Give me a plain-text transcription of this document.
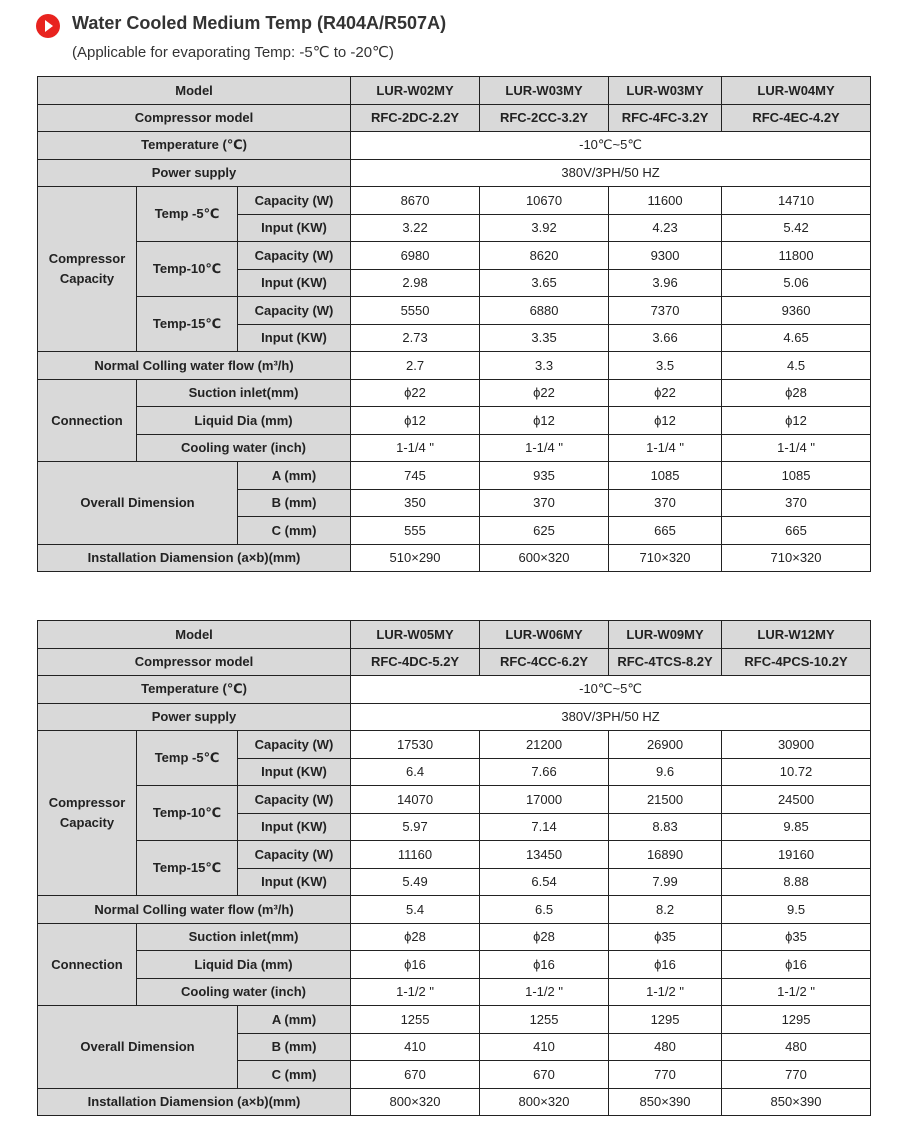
Water Cooled Medium Temp (R404A/R507A)
(Applicable for evaporating Temp: -5℃ to -20℃)
Model			LUR-W02MY	LUR-W03MY	LUR-W03MY	LUR-W04MY
Compressor model			RFC-2DC-2.2Y	RFC-2CC-3.2Y	RFC-4FC-3.2Y	RFC-4EC-4.2Y
Temperature (℃)			-10℃~5℃			
Power supply			380V/3PH/50 HZ			
Compressor Capacity	Temp -5℃	Capacity (W)	8670	10670	11600	14710
		Input (KW)	3.22	3.92	4.23	5.42
	Temp-10℃	Capacity (W)	6980	8620	9300	11800
		Input (KW)	2.98	3.65	3.96	5.06
	Temp-15℃	Capacity (W)	5550	6880	7370	9360
		Input (KW)	2.73	3.35	3.66	4.65
Normal Colling water flow (m³/h)			2.7	3.3	3.5	4.5
Connection	Suction inlet(mm)		ϕ22	ϕ22	ϕ22	ϕ28
	Liquid Dia (mm)		ϕ12	ϕ12	ϕ12	ϕ12
	Cooling water (inch)		1-1/4 "	1-1/4 "	1-1/4 "	1-1/4 "
Overall Dimension		A (mm)	745	935	1085	1085
		B (mm)	350	370	370	370
		C (mm)	555	625	665	665
Installation Diamension (a×b)(mm)			510×290	600×320	710×320	710×320
Model			LUR-W05MY	LUR-W06MY	LUR-W09MY	LUR-W12MY
Compressor model			RFC-4DC-5.2Y	RFC-4CC-6.2Y	RFC-4TCS-8.2Y	RFC-4PCS-10.2Y
Temperature (℃)			-10℃~5℃			
Power supply			380V/3PH/50 HZ			
Compressor Capacity	Temp -5℃	Capacity (W)	17530	21200	26900	30900
		Input (KW)	6.4	7.66	9.6	10.72
	Temp-10℃	Capacity (W)	14070	17000	21500	24500
		Input (KW)	5.97	7.14	8.83	9.85
	Temp-15℃	Capacity (W)	11160	13450	16890	19160
		Input (KW)	5.49	6.54	7.99	8.88
Normal Colling water flow (m³/h)			5.4	6.5	8.2	9.5
Connection	Suction inlet(mm)		ϕ28	ϕ28	ϕ35	ϕ35
	Liquid Dia (mm)		ϕ16	ϕ16	ϕ16	ϕ16
	Cooling water (inch)		1-1/2 "	1-1/2 "	1-1/2 "	1-1/2 "
Overall Dimension		A (mm)	1255	1255	1295	1295
		B (mm)	410	410	480	480
		C (mm)	670	670	770	770
Installation Diamension (a×b)(mm)			800×320	800×320	850×390	850×390
